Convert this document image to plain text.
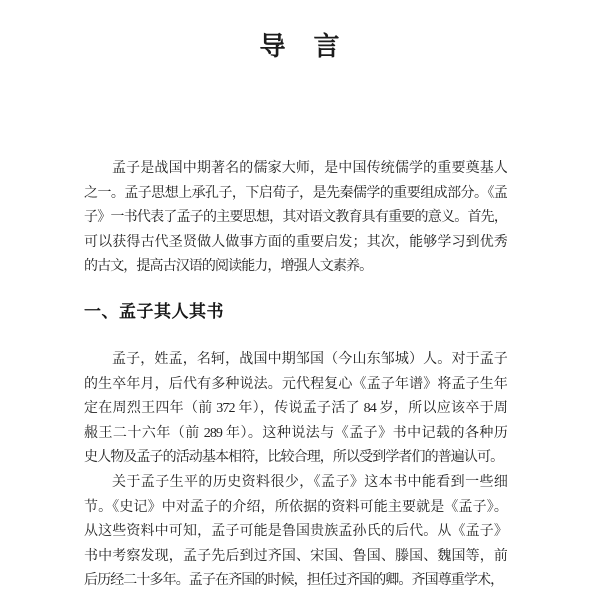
导　言
孟子是战国中期著名的儒家大师，是中国传统儒学的重要奠基人
之一。孟子思想上承孔子，下启荀子，是先秦儒学的重要组成部分。《孟
子》一书代表了孟子的主要思想，其对语文教育具有重要的意义。首先，
可以获得古代圣贤做人做事方面的重要启发；其次，能够学习到优秀
的古文，提高古汉语的阅读能力，增强人文素养。
一、孟子其人其书
孟子，姓孟，名轲，战国中期邹国（今山东邹城）人。对于孟子
的生卒年月，后代有多种说法。元代程复心《孟子年谱》将孟子生年
定在周烈王四年（前 372 年），传说孟子活了 84 岁，所以应该卒于周
赧王二十六年（前 289 年）。这种说法与《孟子》书中记载的各种历
史人物及孟子的活动基本相符，比较合理，所以受到学者们的普遍认可。
关于孟子生平的历史资料很少，《孟子》这本书中能看到一些细
节。《史记》中对孟子的介绍，所依据的资料可能主要就是《孟子》。
从这些资料中可知，孟子可能是鲁国贵族孟孙氏的后代。从《孟子》
书中考察发现，孟子先后到过齐国、宋国、鲁国、滕国、魏国等，前
后历经二十多年。孟子在齐国的时候，担任过齐国的卿。齐国尊重学术，
